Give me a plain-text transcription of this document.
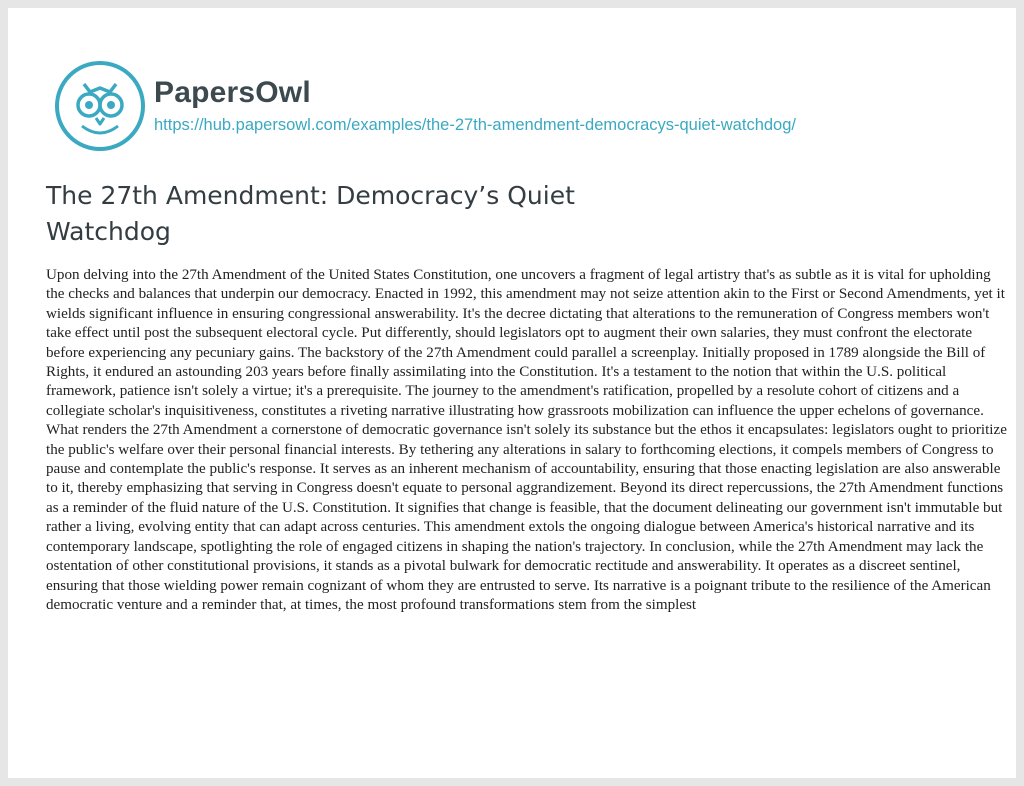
PapersOwl
https://hub.papersowl.com/examples/the-27th-amendment-democracys-quiet-watchdog/
The 27th Amendment: Democracy’s Quiet Watchdog

Upon delving into the 27th Amendment of the United States Constitution, one uncovers a fragment of legal artistry that's as subtle as it is vital for upholding the checks and balances that underpin our democracy. Enacted in 1992, this amendment may not seize attention akin to the First or Second Amendments, yet it wields significant influence in ensuring congressional answerability. It's the decree dictating that alterations to the remuneration of Congress members won't take effect until post the subsequent electoral cycle. Put differently, should legislators opt to augment their own salaries, they must confront the electorate before experiencing any pecuniary gains. The backstory of the 27th Amendment could parallel a screenplay. Initially proposed in 1789 alongside the Bill of Rights, it endured an astounding 203 years before finally assimilating into the Constitution. It's a testament to the notion that within the U.S. political framework, patience isn't solely a virtue; it's a prerequisite. The journey to the amendment's ratification, propelled by a resolute cohort of citizens and a collegiate scholar's inquisitiveness, constitutes a riveting narrative illustrating how grassroots mobilization can influence the upper echelons of governance. What renders the 27th Amendment a cornerstone of democratic governance isn't solely its substance but the ethos it encapsulates: legislators ought to prioritize the public's welfare over their personal financial interests. By tethering any alterations in salary to forthcoming elections, it compels members of Congress to pause and contemplate the public's response. It serves as an inherent mechanism of accountability, ensuring that those enacting legislation are also answerable to it, thereby emphasizing that serving in Congress doesn't equate to personal aggrandizement. Beyond its direct repercussions, the 27th Amendment functions as a reminder of the fluid nature of the U.S. Constitution. It signifies that change is feasible, that the document delineating our government isn't immutable but rather a living, evolving entity that can adapt across centuries. This amendment extols the ongoing dialogue between America's historical narrative and its contemporary landscape, spotlighting the role of engaged citizens in shaping the nation's trajectory. In conclusion, while the 27th Amendment may lack the ostentation of other constitutional provisions, it stands as a pivotal bulwark for democratic rectitude and answerability. It operates as a discreet sentinel, ensuring that those wielding power remain cognizant of whom they are entrusted to serve. Its narrative is a poignant tribute to the resilience of the American democratic venture and a reminder that, at times, the most profound transformations stem from the simplest
